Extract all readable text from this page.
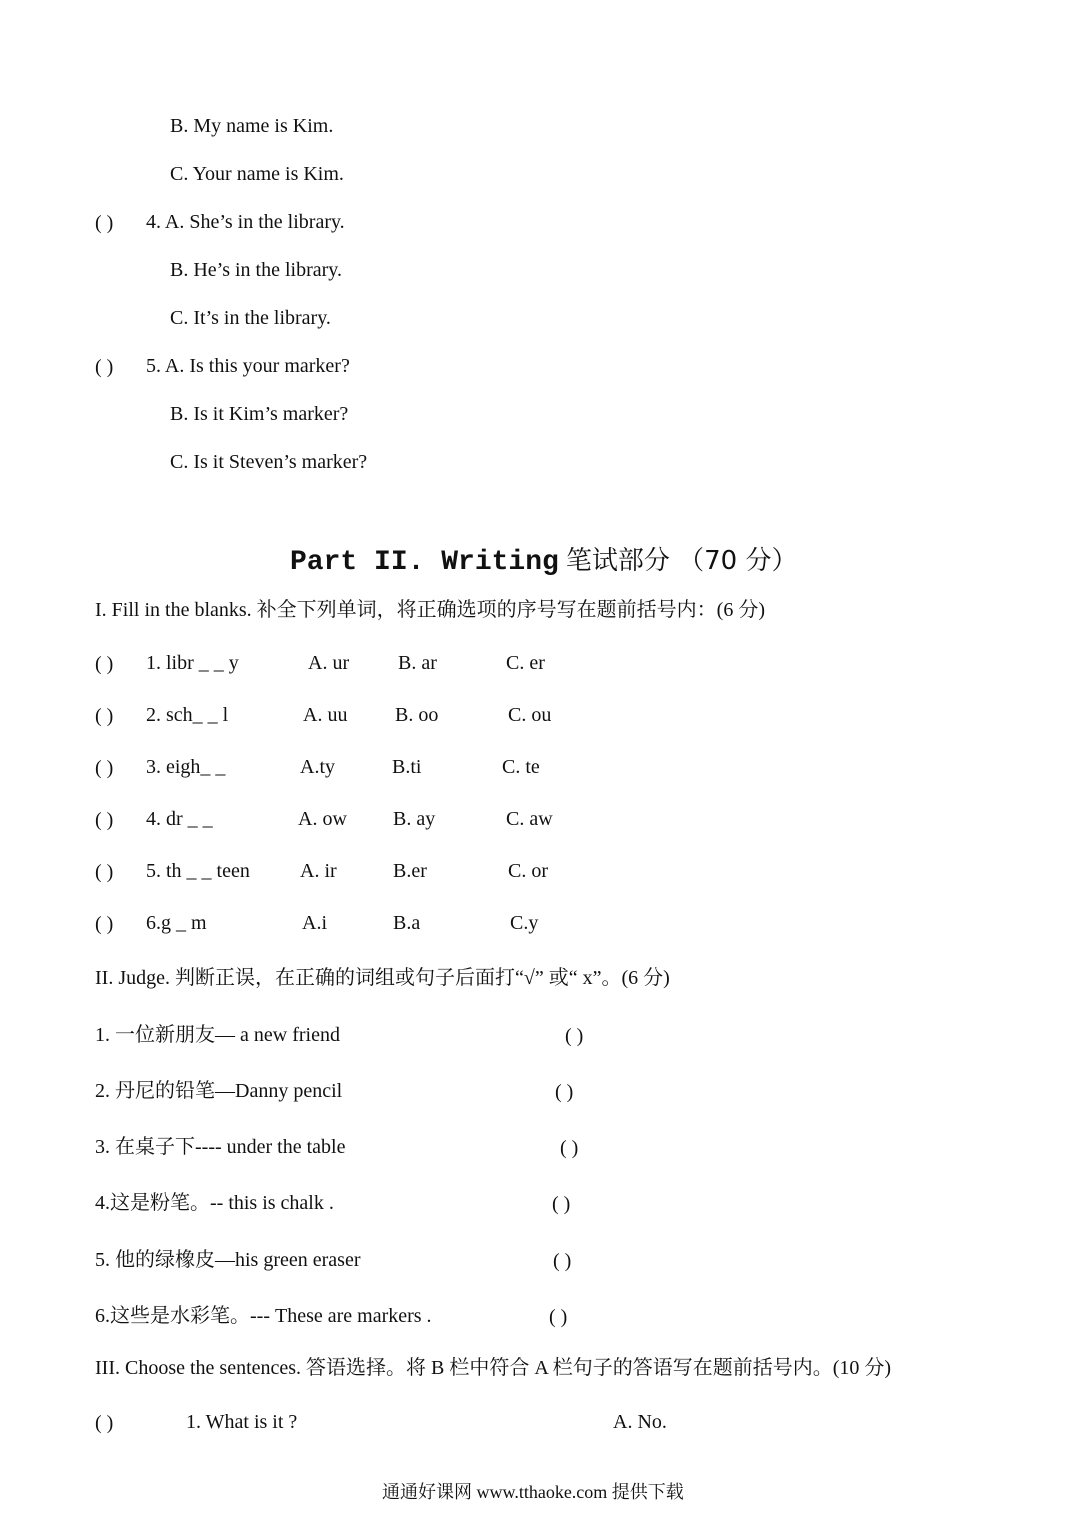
B. My name is Kim.
C. Your name is Kim.
( ) 4. A. She’s in the library.
B. He’s in the library.
C. It’s in the library.
( ) 5. A. Is this your marker?
B. Is it Kim’s marker?
C. Is it Steven’s marker?
Part II. Writing 笔试部分 （70 分）
I. Fill in the blanks. 补全下列单词，将正确选项的序号写在题前括号内：(6 分)
( ) 1. libr _ _ y	A. ur B. ar	C. er
( ) 2. sch_ _ l	A. uu B. oo	C. ou
( ) 3. eigh_ _	A.ty	B.ti	C. te
( ) 4. dr _ _	A. ow B. ay	C. aw
( ) 5. th _ _ teen	A. ir	B.er	C. or
( ) 6.g _ m	A.i	B.a	C.y
II. Judge. 判断正误，在正确的词组或句子后面打“√” 或“ x”。(6 分)
1. 一位新朋友— a new friend	( )
2. 丹尼的铅笔—Danny pencil	( )
3. 在桌子下---- under the table	( )
4.这是粉笔。-- this is chalk .	( )
5. 他的绿橡皮—his green eraser	( )
6.这些是水彩笔。--- These are markers .	( )
III. Choose the sentences. 答语选择。将 B 栏中符合 A 栏句子的答语写在题前括号内。(10 分)
( )	1. What is it ?	A. No.
通通好课网 www.tthaoke.com 提供下载
